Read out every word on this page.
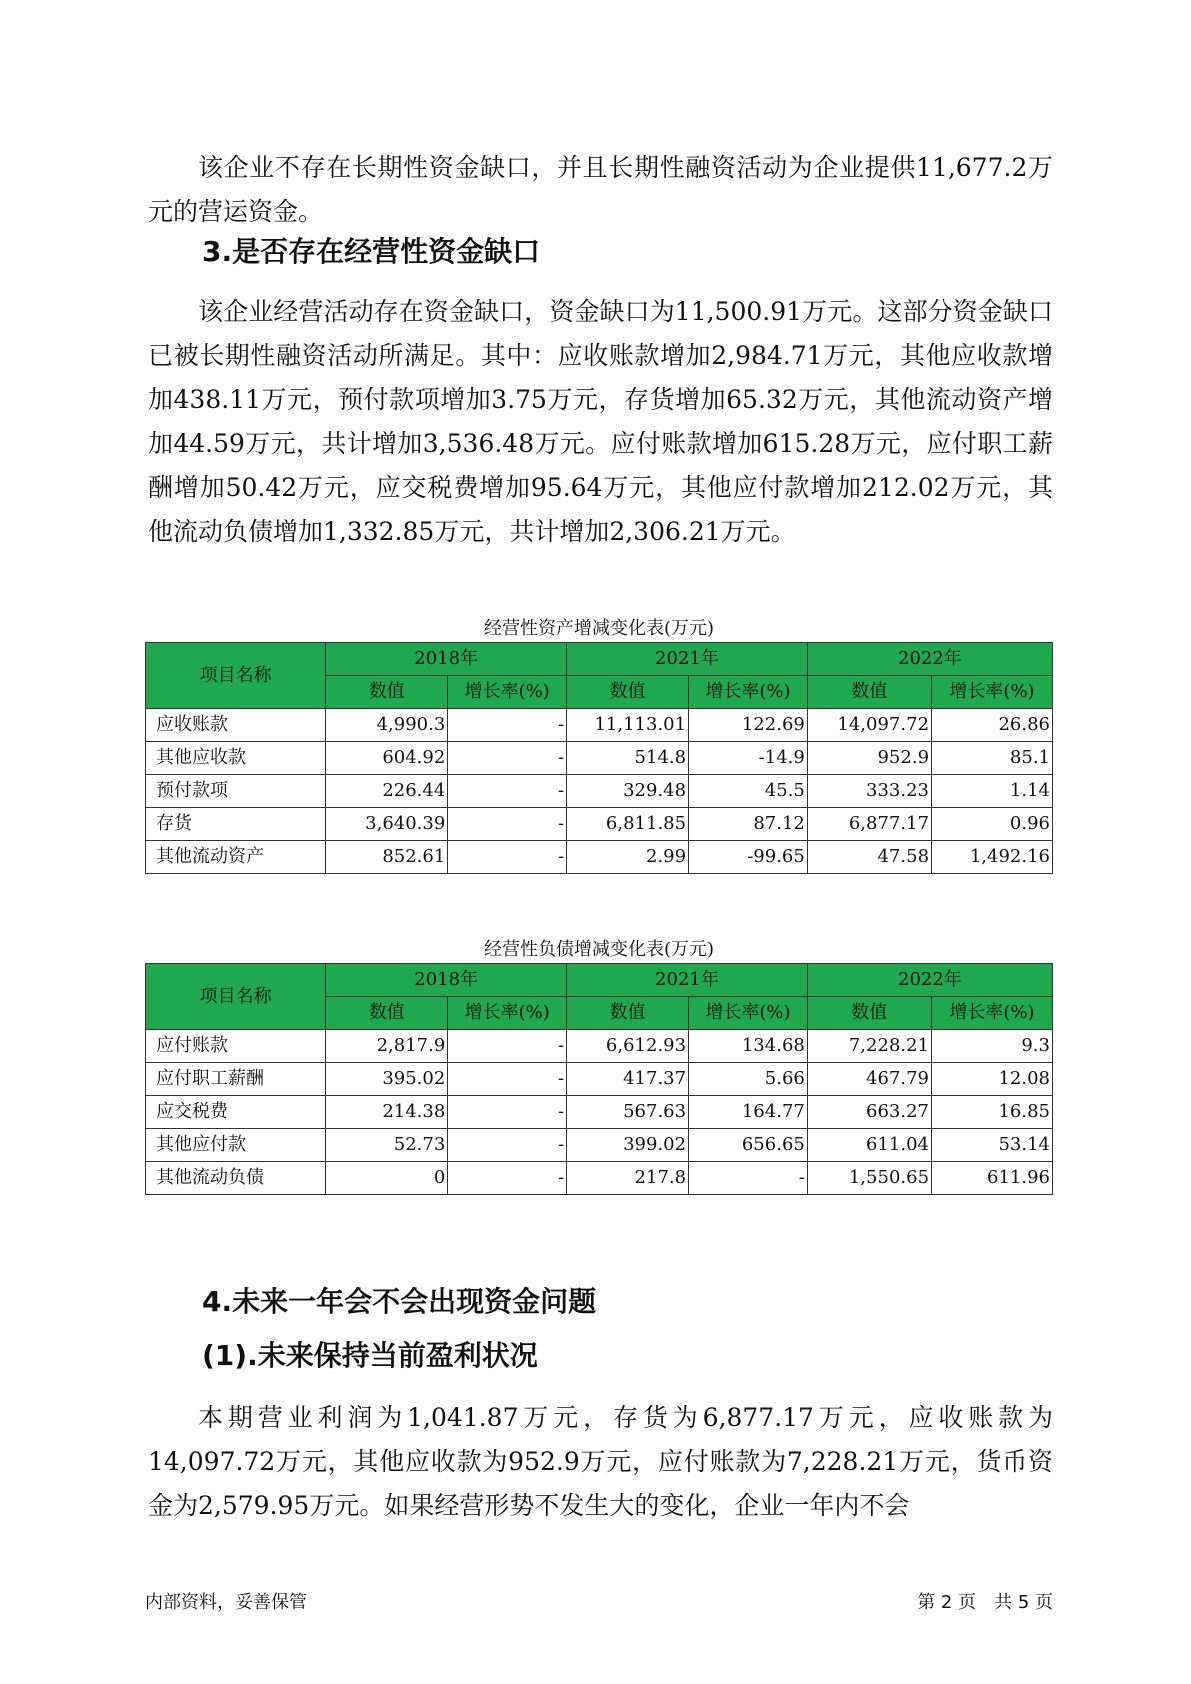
该企业不存在长期性资金缺口，并且长期性融资活动为企业提供11,677.2万元的营运资金。

3.是否存在经营性资金缺口

该企业经营活动存在资金缺口，资金缺口为11,500.91万元。这部分资金缺口已被长期性融资活动所满足。其中：应收账款增加2,984.71万元，其他应收款增加438.11万元，预付款项增加3.75万元，存货增加65.32万元，其他流动资产增加44.59万元，共计增加3,536.48万元。应付账款增加615.28万元，应付职工薪酬增加50.42万元，应交税费增加95.64万元，其他应付款增加212.02万元，其他流动负债增加1,332.85万元，共计增加2,306.21万元。

经营性资产增减变化表(万元)
项目名称	2018年		2021年		2022年	
	数值	增长率(%)	数值	增长率(%)	数值	增长率(%)
应收账款	4,990.3	-	11,113.01	122.69	14,097.72	26.86
其他应收款	604.92	-	514.8	-14.9	952.9	85.1
预付款项	226.44	-	329.48	45.5	333.23	1.14
存货	3,640.39	-	6,811.85	87.12	6,877.17	0.96
其他流动资产	852.61	-	2.99	-99.65	47.58	1,492.16
经营性负债增减变化表(万元)
项目名称	2018年		2021年		2022年	
	数值	增长率(%)	数值	增长率(%)	数值	增长率(%)
应付账款	2,817.9	-	6,612.93	134.68	7,228.21	9.3
应付职工薪酬	395.02	-	417.37	5.66	467.79	12.08
应交税费	214.38	-	567.63	164.77	663.27	16.85
其他应付款	52.73	-	399.02	656.65	611.04	53.14
其他流动负债	0	-	217.8	-	1,550.65	611.96
4.未来一年会不会出现资金问题
(1).未来保持当前盈利状况

本期营业利润为1,041.87万元，存货为6,877.17万元，应收账款为14,097.72万元，其他应收款为952.9万元，应付账款为7,228.21万元，货币资金为2,579.95万元。如果经营形势不发生大的变化，企业一年内不会

内部资料，妥善保管	第 2 页　共 5 页
